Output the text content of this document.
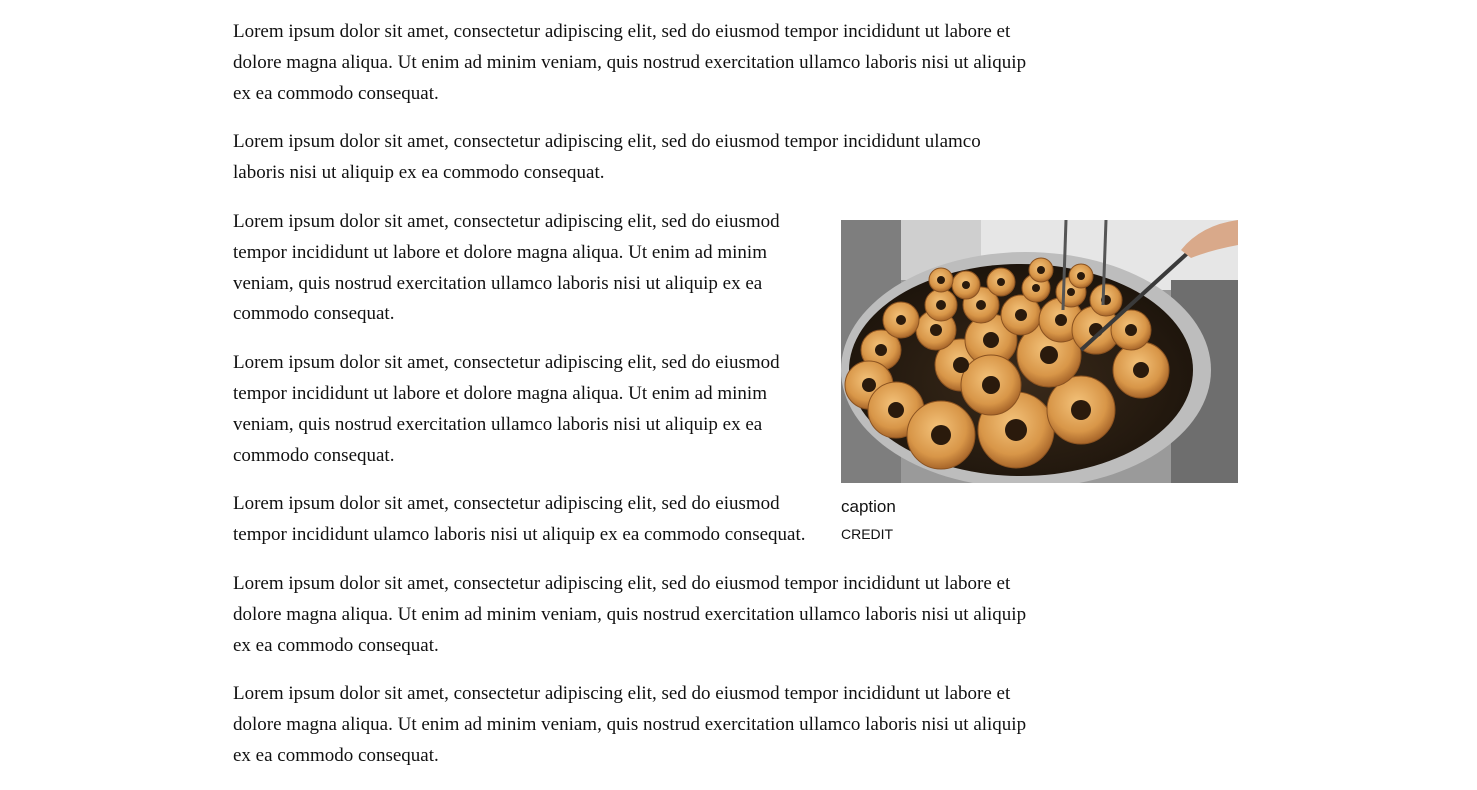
Lorem ipsum dolor sit amet, consectetur adipiscing elit, sed do eiusmod tempor incididunt ut labore et dolore magna aliqua. Ut enim ad minim veniam, quis nostrud exercitation ullamco laboris nisi ut aliquip ex ea commodo consequat.

Lorem ipsum dolor sit amet, consectetur adipiscing elit, sed do eiusmod tempor incididunt ulamco laboris nisi ut aliquip ex ea commodo consequat.

caption
CREDIT

Lorem ipsum dolor sit amet, consectetur adipiscing elit, sed do eiusmod tempor incididunt ut labore et dolore magna aliqua. Ut enim ad minim veniam, quis nostrud exercitation ullamco laboris nisi ut aliquip ex ea commodo consequat.

Lorem ipsum dolor sit amet, consectetur adipiscing elit, sed do eiusmod tempor incididunt ut labore et dolore magna aliqua. Ut enim ad minim veniam, quis nostrud exercitation ullamco laboris nisi ut aliquip ex ea commodo consequat.

Lorem ipsum dolor sit amet, consectetur adipiscing elit, sed do eiusmod tempor incididunt ulamco laboris nisi ut aliquip ex ea commodo consequat.

Lorem ipsum dolor sit amet, consectetur adipiscing elit, sed do eiusmod tempor incididunt ut labore et dolore magna aliqua. Ut enim ad minim veniam, quis nostrud exercitation ullamco laboris nisi ut aliquip ex ea commodo consequat.

Lorem ipsum dolor sit amet, consectetur adipiscing elit, sed do eiusmod tempor incididunt ut labore et dolore magna aliqua. Ut enim ad minim veniam, quis nostrud exercitation ullamco laboris nisi ut aliquip ex ea commodo consequat.
